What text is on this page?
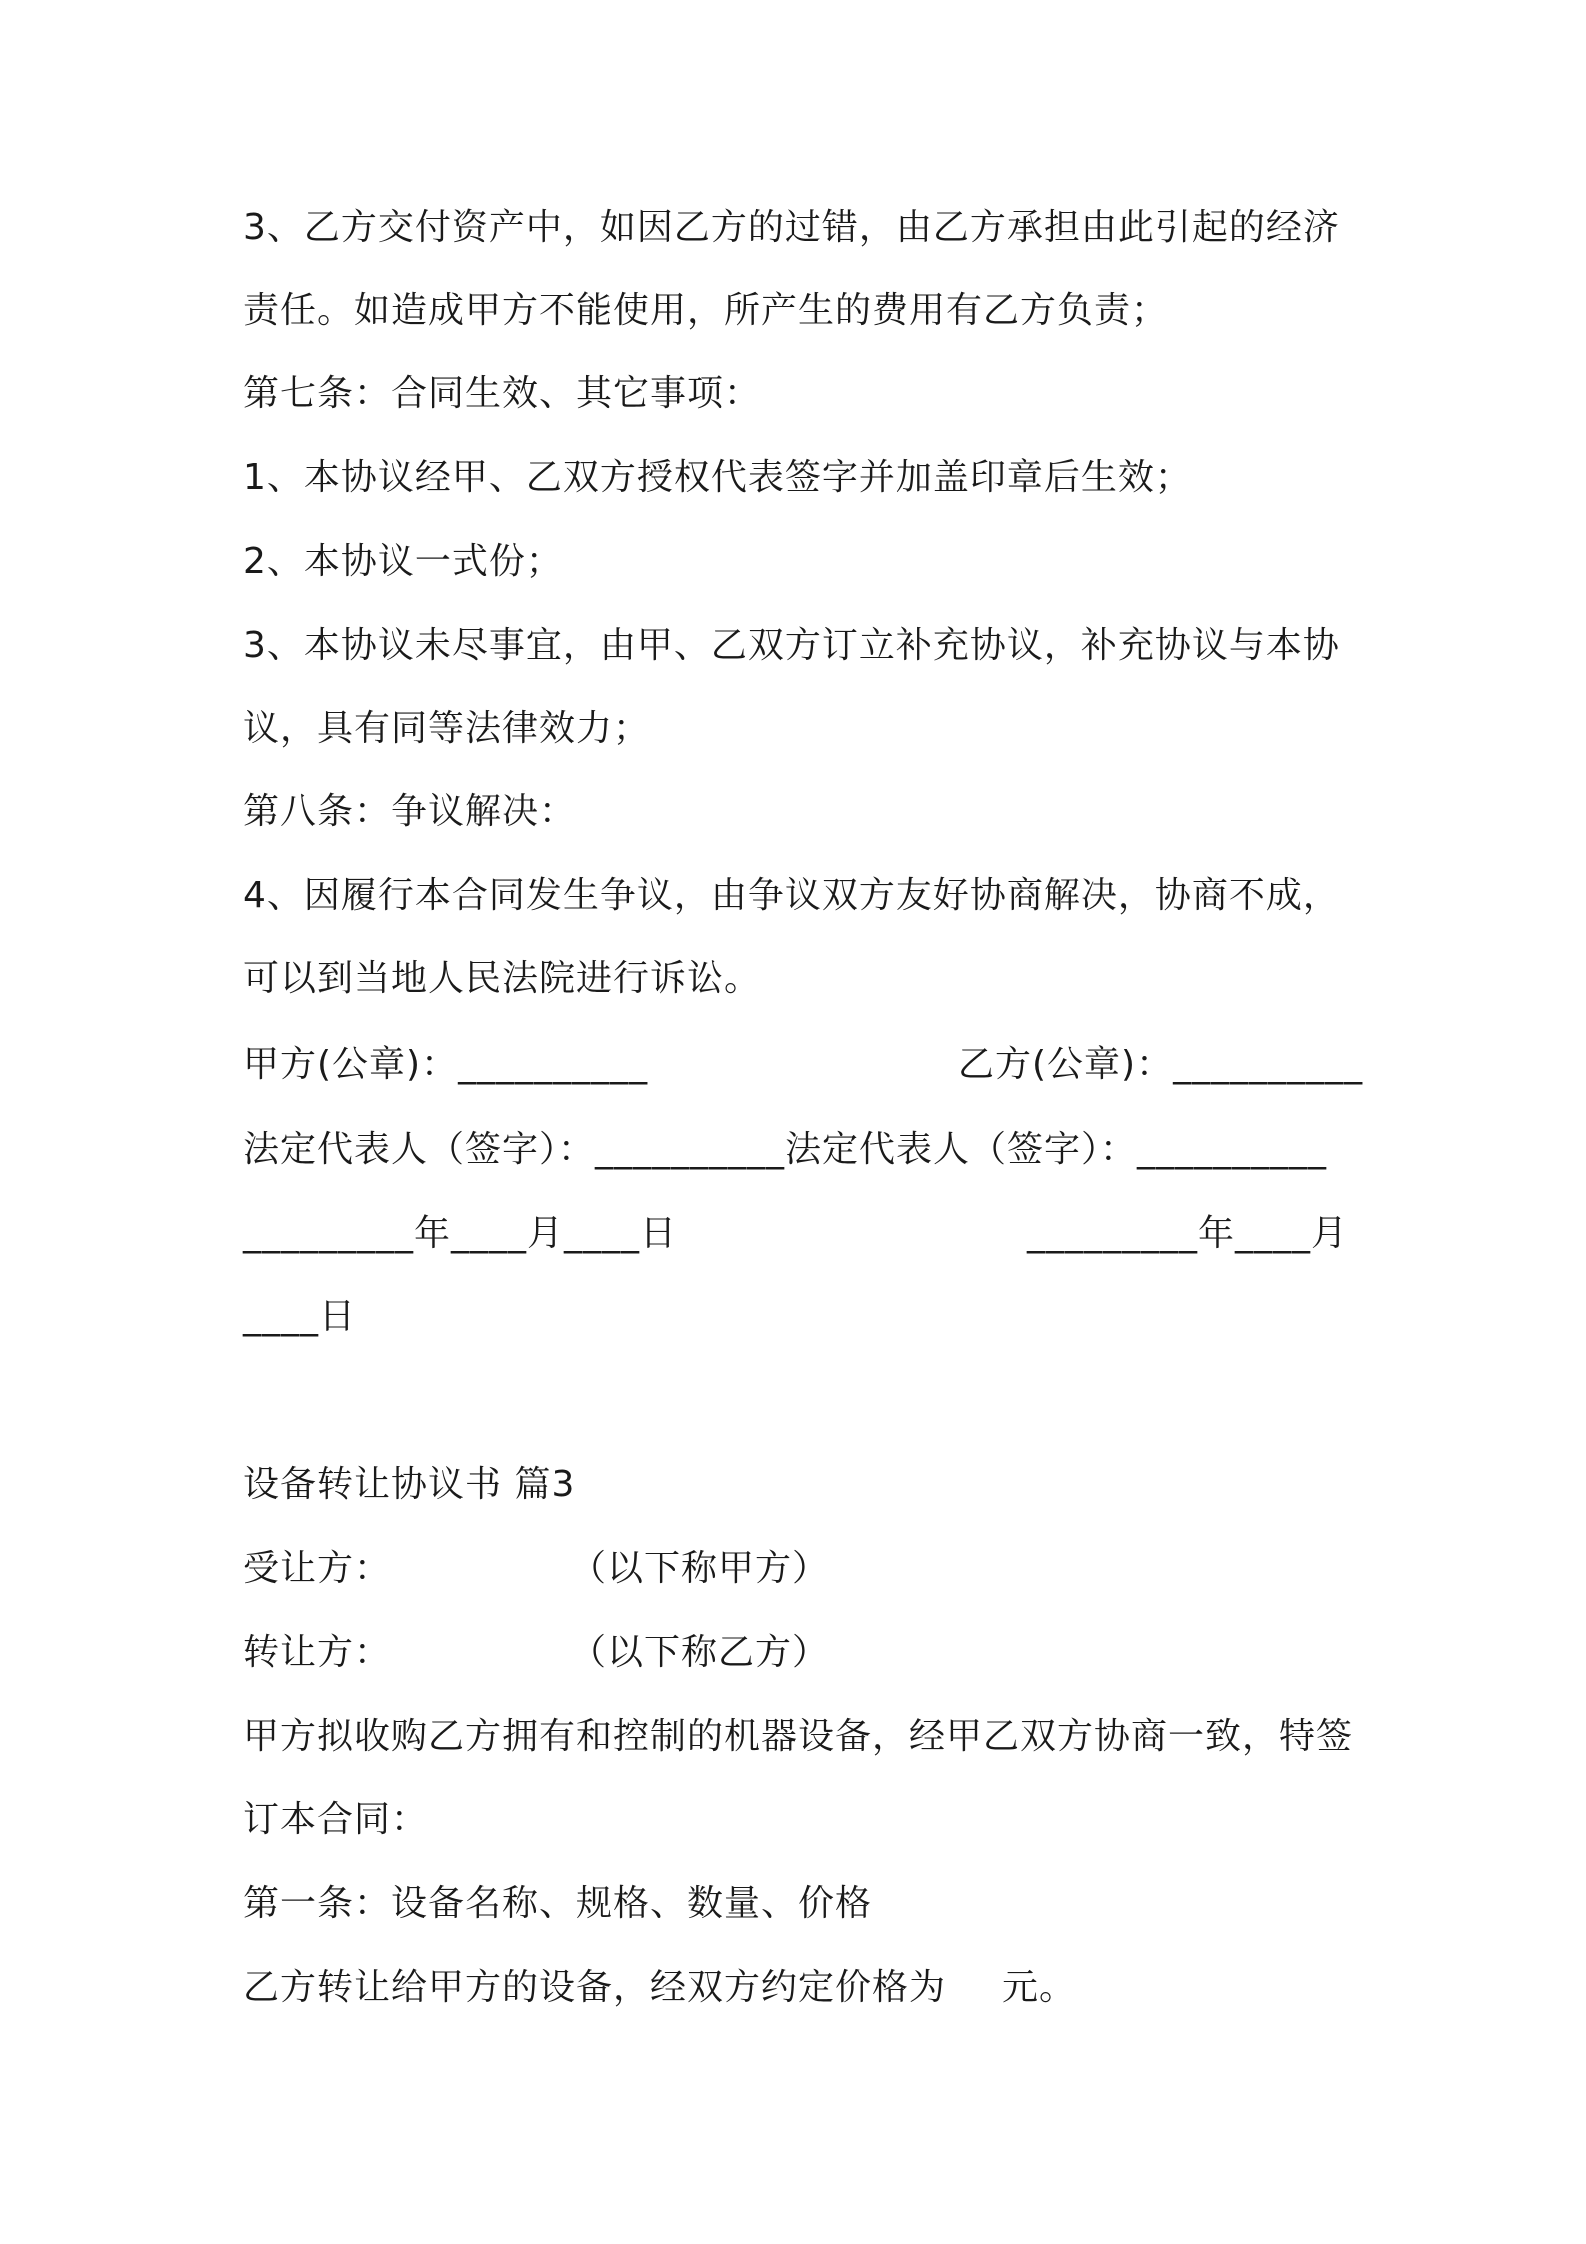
3、乙方交付资产中，如因乙方的过错，由乙方承担由此引起的经济
责任。如造成甲方不能使用，所产生的费用有乙方负责；
第七条：合同生效、其它事项：
1、本协议经甲、乙双方授权代表签字并加盖印章后生效；
2、本协议一式份；
3、本协议未尽事宜，由甲、乙双方订立补充协议，补充协议与本协
议，具有同等法律效力；
第八条：争议解决：
4、因履行本合同发生争议，由争议双方友好协商解决，协商不成，
可以到当地人民法院进行诉讼。
甲方(公章)：__________	乙方(公章)：__________
法定代表人（签字）：__________法定代表人（签字）：__________
_________年____月____日	_________年____月
____日
设备转让协议书 篇3
受让方：	（以下称甲方）
转让方：	（以下称乙方）
甲方拟收购乙方拥有和控制的机器设备，经甲乙双方协商一致，特签
订本合同：
第一条：设备名称、规格、数量、价格
乙方转让给甲方的设备，经双方约定价格为 元。
